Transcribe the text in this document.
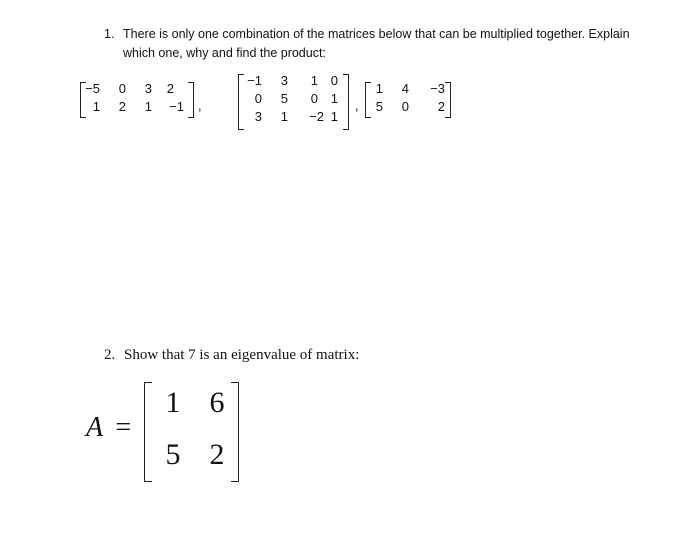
1. There is only one combination of the matrices below that can be multiplied together. Explain
which one, why and find the product:
−5	0	3	2
1	2	1	−1 ,
−1	3	1 0
0	5	0 1
3	1	−2 1
,
1	4	−3
5	0	2
2. Show that 7 is an eigenvalue of matrix:
A =
1 6
5 2
